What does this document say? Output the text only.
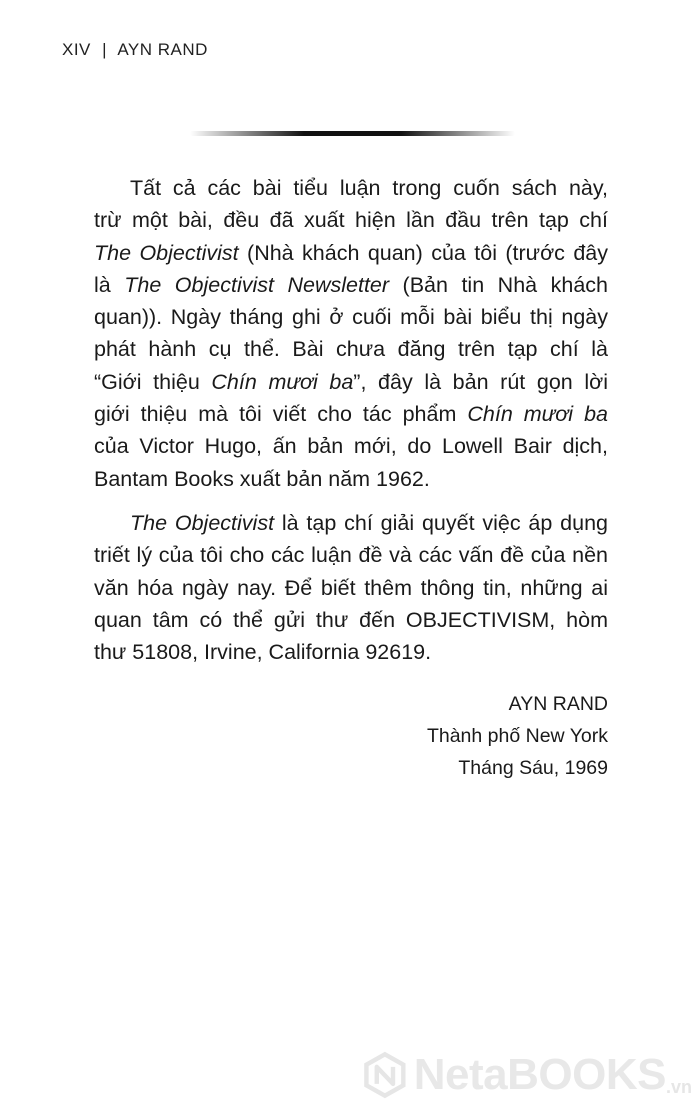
XIV | AYN RAND
Tất cả các bài tiểu luận trong cuốn sách này,
trừ một bài, đều đã xuất hiện lần đầu trên tạp chí
The Objectivist (Nhà khách quan) của tôi (trước đây
là The Objectivist Newsletter (Bản tin Nhà khách
quan)). Ngày tháng ghi ở cuối mỗi bài biểu thị ngày
phát hành cụ thể. Bài chưa đăng trên tạp chí là
“Giới thiệu Chín mươi ba”, đây là bản rút gọn lời
giới thiệu mà tôi viết cho tác phẩm Chín mươi ba
của Victor Hugo, ấn bản mới, do Lowell Bair dịch,
Bantam Books xuất bản năm 1962.
The Objectivist là tạp chí giải quyết việc áp dụng
triết lý của tôi cho các luận đề và các vấn đề của nền
văn hóa ngày nay. Để biết thêm thông tin, những ai
quan tâm có thể gửi thư đến OBJECTIVISM, hòm
thư 51808, Irvine, California 92619.
AYN RAND
Thành phố New York
Tháng Sáu, 1969
NetaBOOKS .vn
